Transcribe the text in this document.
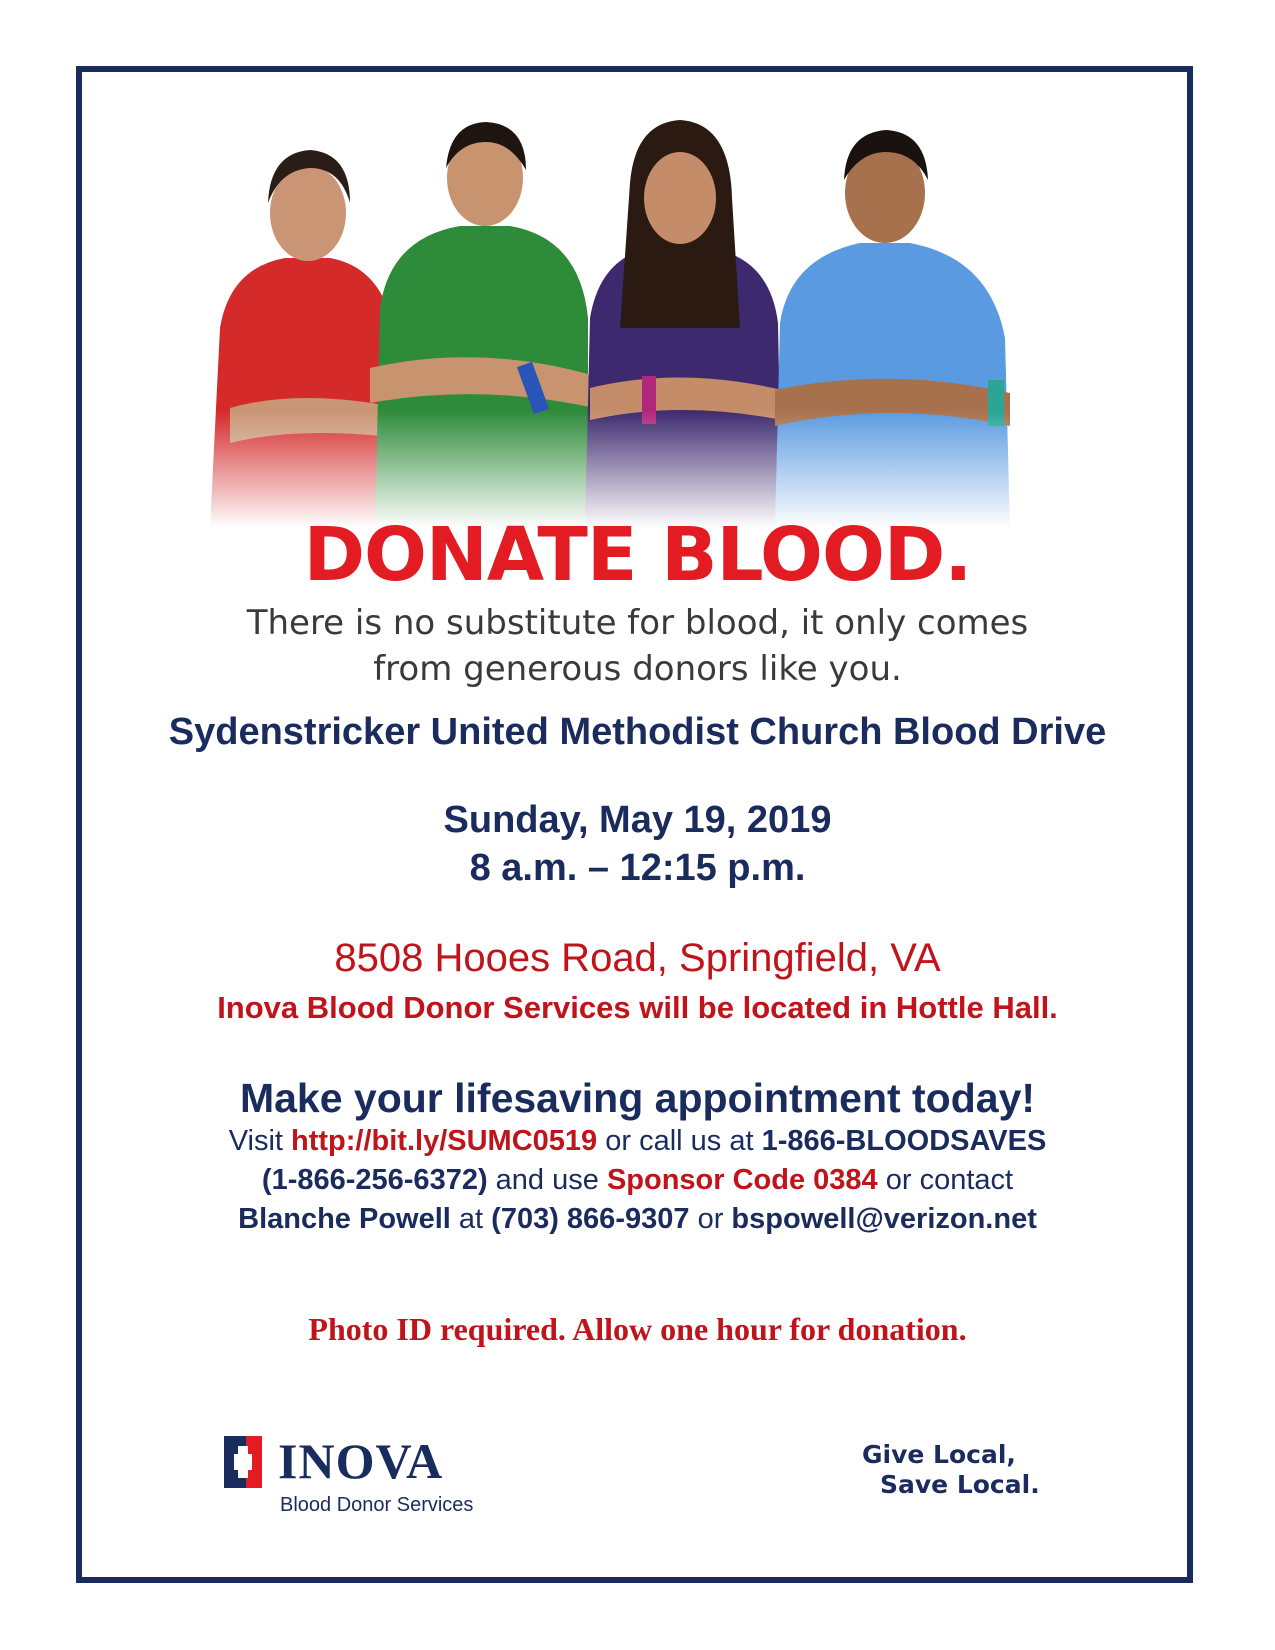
DONATE BLOOD.
There is no substitute for blood, it only comes
from generous donors like you.
Sydenstricker United Methodist Church Blood Drive
Sunday, May 19, 2019
8 a.m. – 12:15 p.m.
8508 Hooes Road, Springfield, VA
Inova Blood Donor Services will be located in Hottle Hall.
Make your lifesaving appointment today!
Visit http://bit.ly/SUMC0519 or call us at 1-866-BLOODSAVES
(1-866-256-6372) and use Sponsor Code 0384 or contact
Blanche Powell at (703) 866-9307 or bspowell@verizon.net
Photo ID required. Allow one hour for donation.
INOVA
Blood Donor Services
Give Local,
Save Local.
